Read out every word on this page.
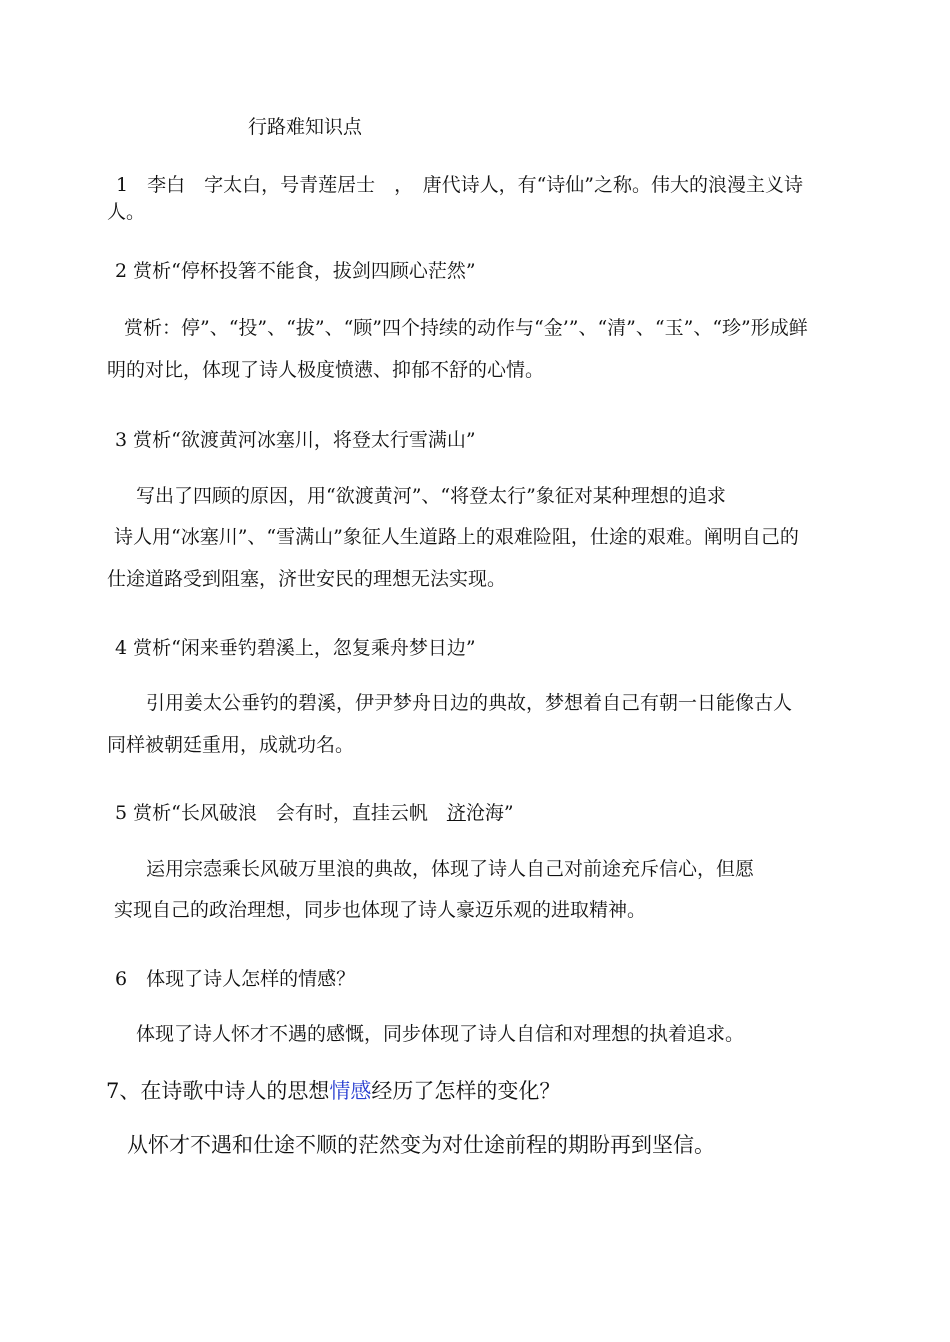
行路难知识点
1　李白　字太白，号青莲居士　，　唐代诗人，有“诗仙”之称。伟大的浪漫主义诗
人。
2 赏析“停杯投箸不能食，拔剑四顾心茫然”
赏析：停”、“投”、“拔”、“顾”四个持续的动作与“金’”、“清”、“玉”、“珍”形成鲜
明的对比，体现了诗人极度愤懑、抑郁不舒的心情。
3 赏析“欲渡黄河冰塞川，将登太行雪满山”
写出了四顾的原因，用“欲渡黄河”、“将登太行”象征对某种理想的追求
诗人用“冰塞川”、“雪满山”象征人生道路上的艰难险阻，仕途的艰难。阐明自己的
仕途道路受到阻塞，济世安民的理想无法实现。
4 赏析“闲来垂钓碧溪上，忽复乘舟梦日边”
引用姜太公垂钓的碧溪，伊尹梦舟日边的典故，梦想着自己有朝一日能像古人
同样被朝廷重用，成就功名。
5 赏析“长风破浪　会有时，直挂云帆　济沧海”
运用宗悫乘长风破万里浪的典故，体现了诗人自己对前途充斥信心，但愿
实现自己的政治理想，同步也体现了诗人豪迈乐观的进取精神。
6　体现了诗人怎样的情感？
体现了诗人怀才不遇的感慨，同步体现了诗人自信和对理想的执着追求。
7、在诗歌中诗人的思想情感经历了怎样的变化？
从怀才不遇和仕途不顺的茫然变为对仕途前程的期盼再到坚信。
